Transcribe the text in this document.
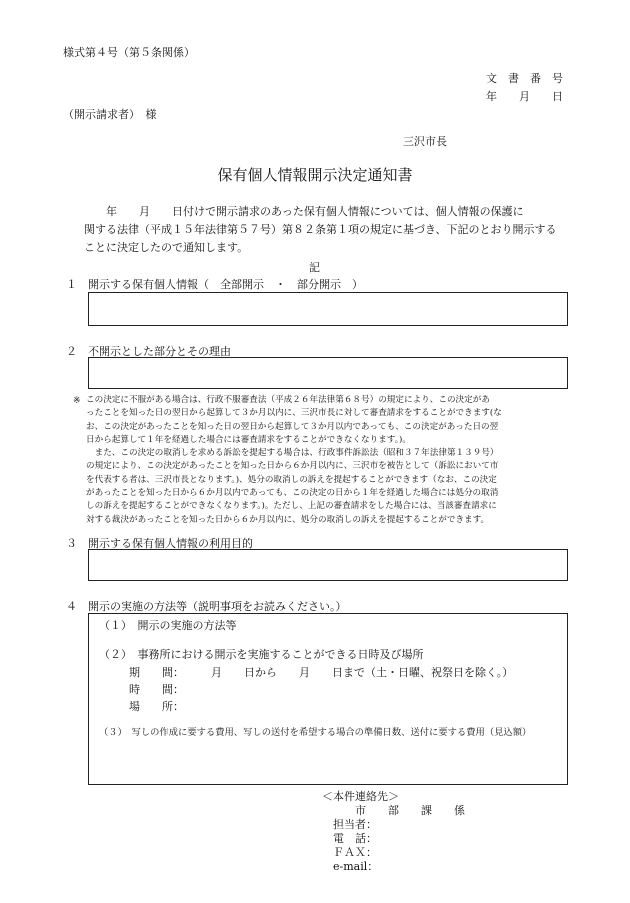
様式第４号（第５条関係）
文　書　番　号
年　　月　　日
（開示請求者）　様
三沢市長
保有個人情報開示決定通知書
　　年　　月　　日付けで開示請求のあった保有個人情報については、個人情報の保護に
関する法律（平成１５年法律第５７号）第８２条第１項の規定に基づき、下記のとおり開示する
ことに決定したので通知します。
記
１　開示する保有個人情報（　全部開示　・　部分開示　）
２　不開示とした部分とその理由
※ この決定に不服がある場合は、行政不服審査法（平成２６年法律第６８号）の規定により、この決定があ
ったことを知った日の翌日から起算して３か月以内に、三沢市長に対して審査請求をすることができます(な
お、この決定があったことを知った日の翌日から起算して３か月以内であっても、この決定があった日の翌
日から起算して１年を経過した場合には審査請求をすることができなくなります。)。
　また、この決定の取消しを求める訴訟を提起する場合は、行政事件訴訟法（昭和３７年法律第１３９号）
の規定により、この決定があったことを知った日から６か月以内に、三沢市を被告として（訴訟において市
を代表する者は、三沢市長となります。)、処分の取消しの訴えを提起することができます（なお、この決定
があったことを知った日から６か月以内であっても、この決定の日から１年を経過した場合には処分の取消
しの訴えを提起することができなくなります。)。ただし、上記の審査請求をした場合には、当該審査請求に
対する裁決があったことを知った日から６か月以内に、処分の取消しの訴えを提起することができます。
３　開示する保有個人情報の利用目的
４　開示の実施の方法等（説明事項をお読みください。）
（１）　開示の実施の方法等
（２）　事務所における開示を実施することができる日時及び場所
期　　間： 月　　日から　　月　　日まで（土・日曜、祝祭日を除く。）
時　　間：
場　　所：
（３）　写しの作成に要する費用、写しの送付を希望する場合の準備日数、送付に要する費用（見込額）
＜本件連絡先＞
市　　部　　課　　係
担当者：
電　話：
ＦＡＸ：
e-mail：
